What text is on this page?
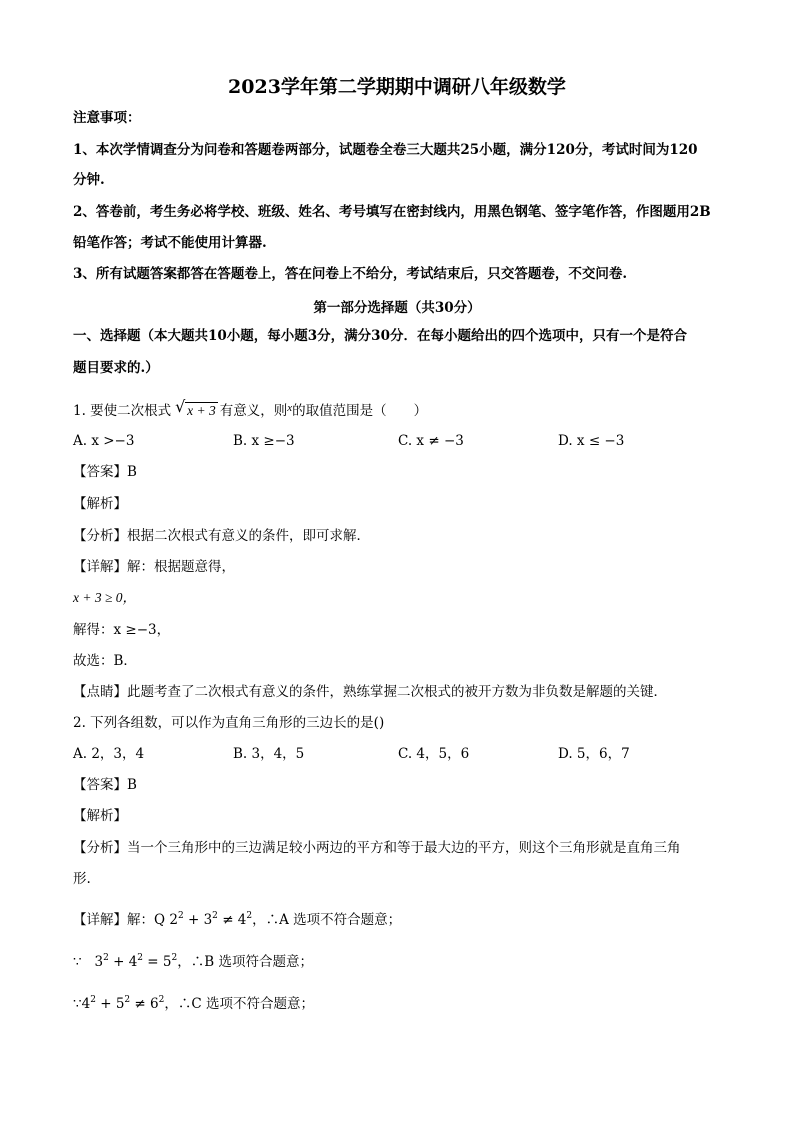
2023学年第二学期期中调研八年级数学
注意事项：
1、本次学情调查分为问卷和答题卷两部分，试题卷全卷三大题共25小题，满分120分，考试时间为120
分钟.
2、答卷前，考生务必将学校、班级、姓名、考号填写在密封线内，用黑色钢笔、签字笔作答，作图题用2B
铅笔作答；考试不能使用计算器.
3、所有试题答案都答在答题卷上，答在问卷上不给分，考试结束后，只交答题卷，不交问卷.
第一部分选择题（共30分）
一、选择题（本大题共10小题，每小题3分，满分30分．在每小题给出的四个选项中，只有一个是符合
题目要求的.）
1. 要使二次根式 √ x + 3 有意义，则$^x$的取值范围是（　　）
A. x >−3	B. x ≥−3	C. x ≠ −3	D. x ≤ −3
【答案】B
【解析】
【分析】根据二次根式有意义的条件，即可求解．
【详解】解：根据题意得，
x + 3 ≥ 0，
解得：x ≥−3，
故选：B．
【点睛】此题考查了二次根式有意义的条件，熟练掌握二次根式的被开方数为非负数是解题的关键．
2. 下列各组数，可以作为直角三角形的三边长的是()
A. 2，3，4	B. 3，4，5	C. 4，5，6	D. 5，6，7
【答案】B
【解析】
【分析】当一个三角形中的三边满足较小两边的平方和等于最大边的平方，则这个三角形就是直角三角
形.
【详解】解：Q $2^2 + 3^2 \ne 4^2$，∴A 选项不符合题意；
∵   $3^2 + 4^2 = 5^2$，∴B 选项符合题意；
$\because 4^2 + 5^2 \ne 6^2$，∴C 选项不符合题意；
